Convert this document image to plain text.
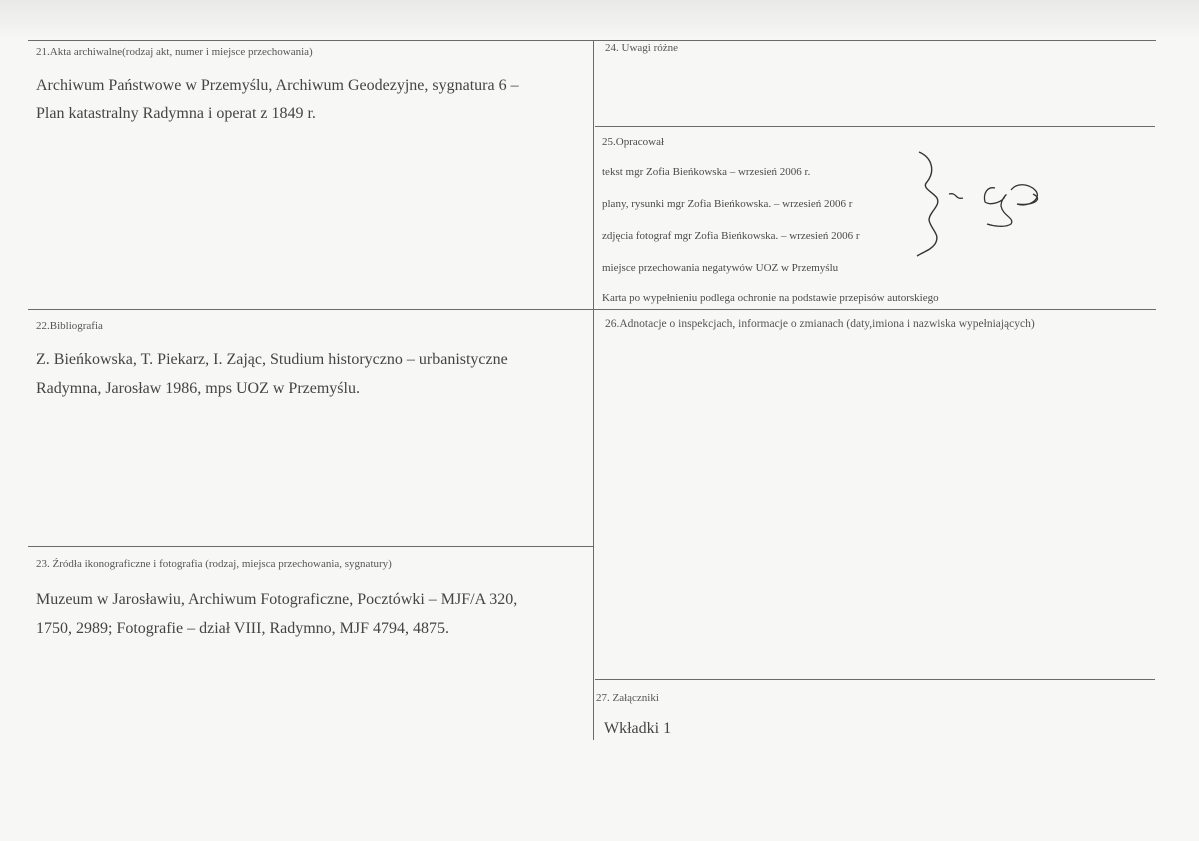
21.Akta archiwalne(rodzaj akt, numer i miejsce przechowania)
Archiwum Państwowe w Przemyślu, Archiwum Geodezyjne, sygnatura 6 –
Plan katastralny Radymna i operat z 1849 r.
22.Bibliografia
Z. Bieńkowska, T. Piekarz, I. Zając, Studium historyczno – urbanistyczne
Radymna, Jarosław 1986, mps UOZ w Przemyślu.
23. Źródła ikonograficzne i fotografia (rodzaj, miejsca przechowania, sygnatury)
Muzeum w Jarosławiu, Archiwum Fotograficzne, Pocztówki – MJF/A 320,
1750, 2989; Fotografie – dział VIII, Radymno, MJF 4794, 4875.
24. Uwagi różne
25.Opracował
tekst mgr Zofia Bieńkowska – wrzesień 2006 r.
plany, rysunki mgr Zofia Bieńkowska. – wrzesień 2006 r
zdjęcia fotograf mgr Zofia Bieńkowska. – wrzesień 2006 r
miejsce przechowania negatywów UOZ w Przemyślu
Karta po wypełnieniu podlega ochronie na podstawie przepisów autorskiego
26.Adnotacje o inspekcjach, informacje o zmianach (daty,imiona i nazwiska wypełniających)
27. Załączniki
Wkładki 1
